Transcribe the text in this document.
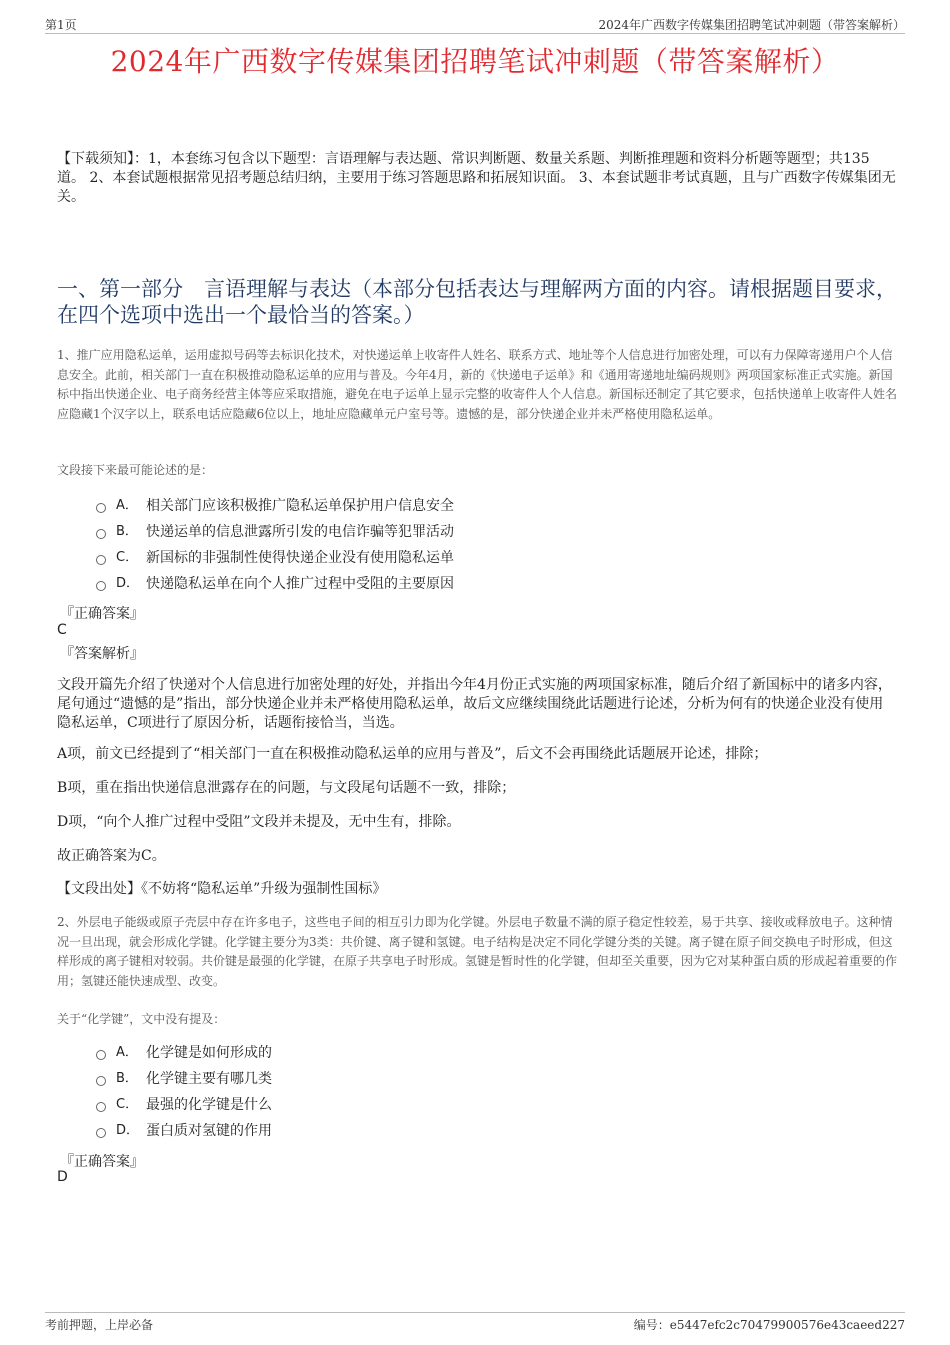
第1页	2024年广西数字传媒集团招聘笔试冲刺题（带答案解析）
2024年广西数字传媒集团招聘笔试冲刺题（带答案解析）
【下载须知】：1，本套练习包含以下题型：言语理解与表达题、常识判断题、数量关系题、判断推理题和资料分析题等题型；共135道。 2、本套试题根据常见招考题总结归纳，主要用于练习答题思路和拓展知识面。 3、本套试题非考试真题，且与广西数字传媒集团无关。
一、第一部分　言语理解与表达（本部分包括表达与理解两方面的内容。请根据题目要求，在四个选项中选出一个最恰当的答案。）
1、推广应用隐私运单，运用虚拟号码等去标识化技术，对快递运单上收寄件人姓名、联系方式、地址等个人信息进行加密处理，可以有力保障寄递用户个人信息安全。此前，相关部门一直在积极推动隐私运单的应用与普及。今年4月，新的《快递电子运单》和《通用寄递地址编码规则》两项国家标准正式实施。新国标中指出快递企业、电子商务经营主体等应采取措施，避免在电子运单上显示完整的收寄件人个人信息。新国标还制定了其它要求，包括快递单上收寄件人姓名应隐藏1个汉字以上，联系电话应隐藏6位以上，地址应隐藏单元户室号等。遗憾的是，部分快递企业并未严格使用隐私运单。
文段接下来最可能论述的是：
A． 相关部门应该积极推广隐私运单保护用户信息安全
B． 快递运单的信息泄露所引发的电信诈骗等犯罪活动
C． 新国标的非强制性使得快递企业没有使用隐私运单
D． 快递隐私运单在向个人推广过程中受阻的主要原因
『正确答案』
C
『答案解析』
文段开篇先介绍了快递对个人信息进行加密处理的好处，并指出今年4月份正式实施的两项国家标准，随后介绍了新国标中的诸多内容，尾句通过“遗憾的是”指出，部分快递企业并未严格使用隐私运单，故后文应继续围绕此话题进行论述，分析为何有的快递企业没有使用隐私运单，C项进行了原因分析，话题衔接恰当，当选。
A项，前文已经提到了“相关部门一直在积极推动隐私运单的应用与普及”，后文不会再围绕此话题展开论述，排除；
B项，重在指出快递信息泄露存在的问题，与文段尾句话题不一致，排除；
D项，“向个人推广过程中受阻”文段并未提及，无中生有，排除。
故正确答案为C。
【文段出处】《不妨将“隐私运单”升级为强制性国标》
2、外层电子能级或原子壳层中存在许多电子，这些电子间的相互引力即为化学键。外层电子数量不满的原子稳定性较差，易于共享、接收或释放电子。这种情况一旦出现，就会形成化学键。化学键主要分为3类：共价键、离子键和氢键。电子结构是决定不同化学键分类的关键。离子键在原子间交换电子时形成，但这样形成的离子键相对较弱。共价键是最强的化学键，在原子共享电子时形成。氢键是暂时性的化学键，但却至关重要，因为它对某种蛋白质的形成起着重要的作用；氢键还能快速成型、改变。
关于“化学键”，文中没有提及：
A． 化学键是如何形成的
B． 化学键主要有哪几类
C． 最强的化学键是什么
D． 蛋白质对氢键的作用
『正确答案』
D
考前押题，上岸必备	编号：e5447efc2c70479900576e43caeed227
